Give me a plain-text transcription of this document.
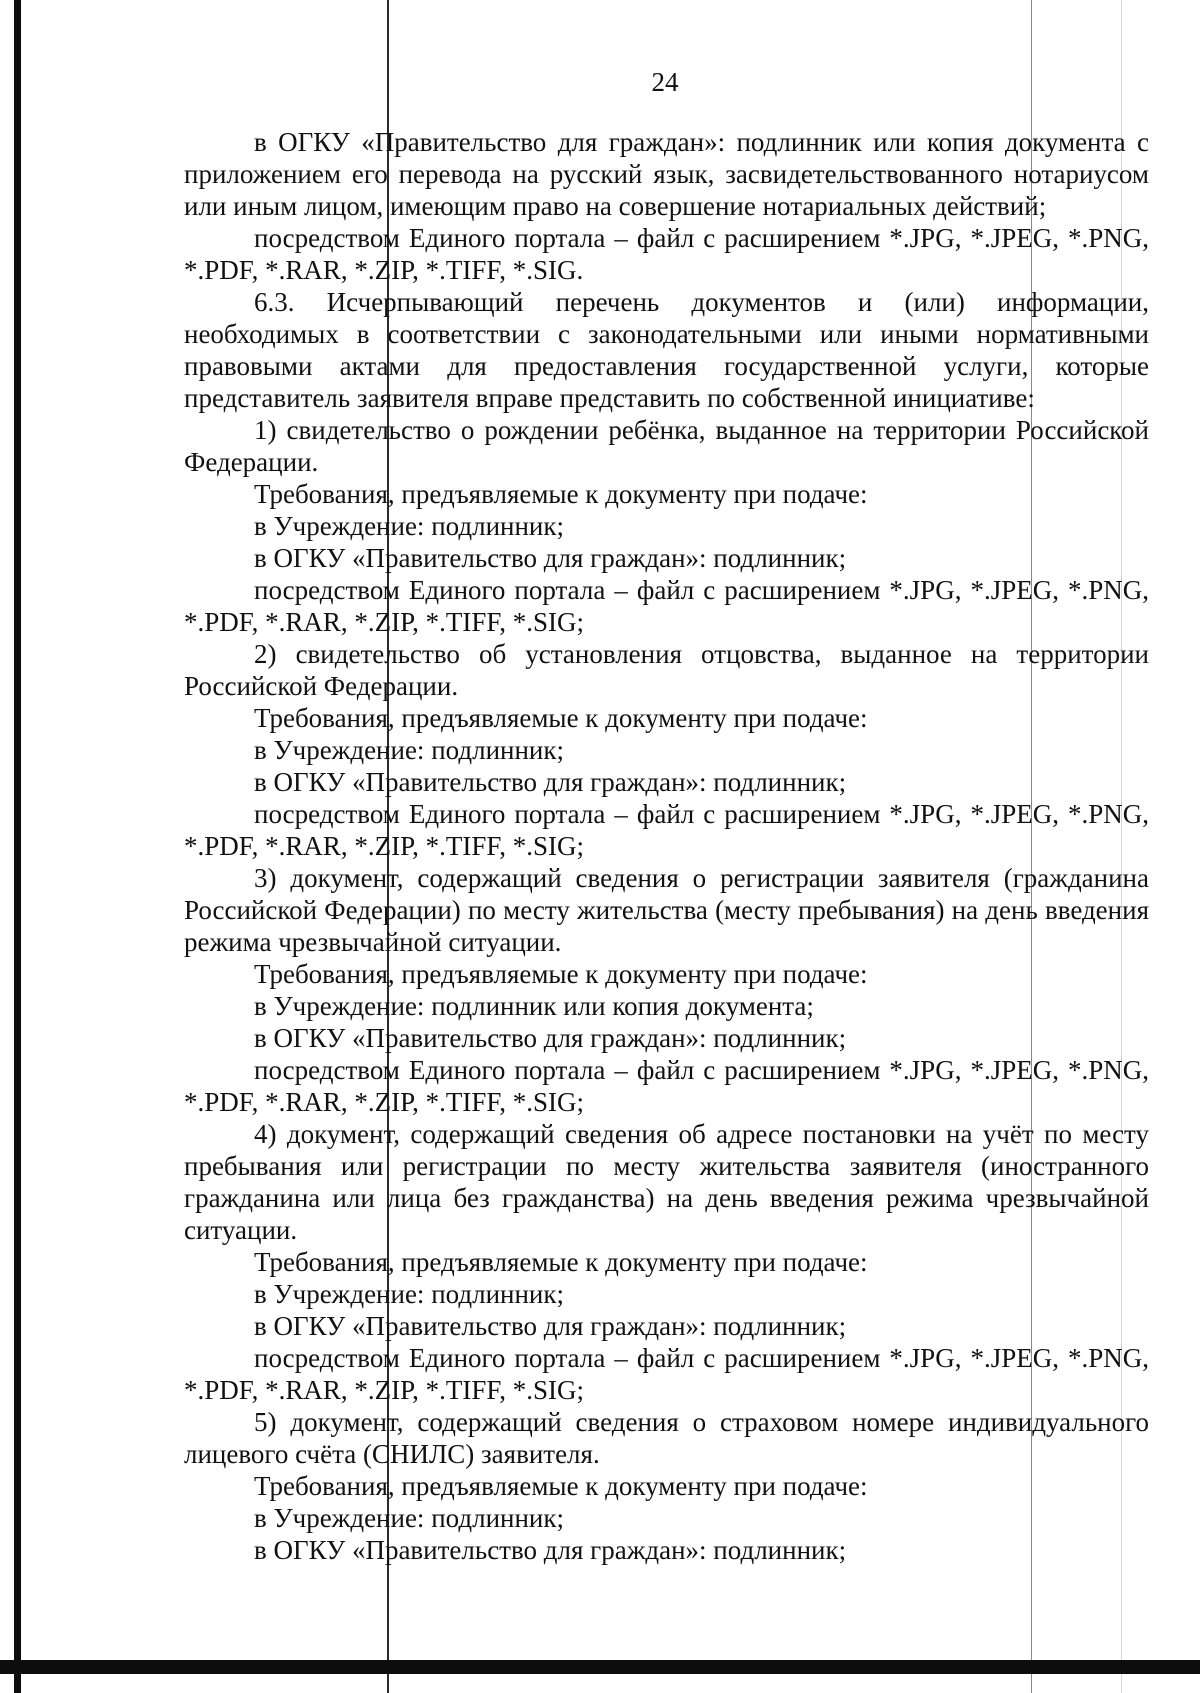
24

в ОГКУ «Правительство для граждан»: подлинник или копия документа с приложением его перевода на русский язык, засвидетельствованного нотариусом или иным лицом, имеющим право на совершение нотариальных действий;

посредством Единого портала – файл с расширением *.JPG, *.JPEG, *.PNG, *.PDF, *.RAR, *.ZIP, *.TIFF, *.SIG.

6.3. Исчерпывающий перечень документов и (или) информации, необходимых в соответствии с законодательными или иными нормативными правовыми актами для предоставления государственной услуги, которые представитель заявителя вправе представить по собственной инициативе:

1) свидетельство о рождении ребёнка, выданное на территории Российской Федерации.

Требования, предъявляемые к документу при подаче:

в Учреждение: подлинник;

в ОГКУ «Правительство для граждан»: подлинник;

посредством Единого портала – файл с расширением *.JPG, *.JPEG, *.PNG, *.PDF, *.RAR, *.ZIP, *.TIFF, *.SIG;

2) свидетельство об установления отцовства, выданное на территории Российской Федерации.

Требования, предъявляемые к документу при подаче:

в Учреждение: подлинник;

в ОГКУ «Правительство для граждан»: подлинник;

посредством Единого портала – файл с расширением *.JPG, *.JPEG, *.PNG, *.PDF, *.RAR, *.ZIP, *.TIFF, *.SIG;

3) документ, содержащий сведения о регистрации заявителя (гражданина Российской Федерации) по месту жительства (месту пребывания) на день введения режима чрезвычайной ситуации.

Требования, предъявляемые к документу при подаче:

в Учреждение: подлинник или копия документа;

в ОГКУ «Правительство для граждан»: подлинник;

посредством Единого портала – файл с расширением *.JPG, *.JPEG, *.PNG, *.PDF, *.RAR, *.ZIP, *.TIFF, *.SIG;

4) документ, содержащий сведения об адресе постановки на учёт по месту пребывания или регистрации по месту жительства заявителя (иностранного гражданина или лица без гражданства) на день введения режима чрезвычайной ситуации.

Требования, предъявляемые к документу при подаче:

в Учреждение: подлинник;

в ОГКУ «Правительство для граждан»: подлинник;

посредством Единого портала – файл с расширением *.JPG, *.JPEG, *.PNG, *.PDF, *.RAR, *.ZIP, *.TIFF, *.SIG;

5) документ, содержащий сведения о страховом номере индивидуального лицевого счёта (СНИЛС) заявителя.

Требования, предъявляемые к документу при подаче:

в Учреждение: подлинник;

в ОГКУ «Правительство для граждан»: подлинник;
